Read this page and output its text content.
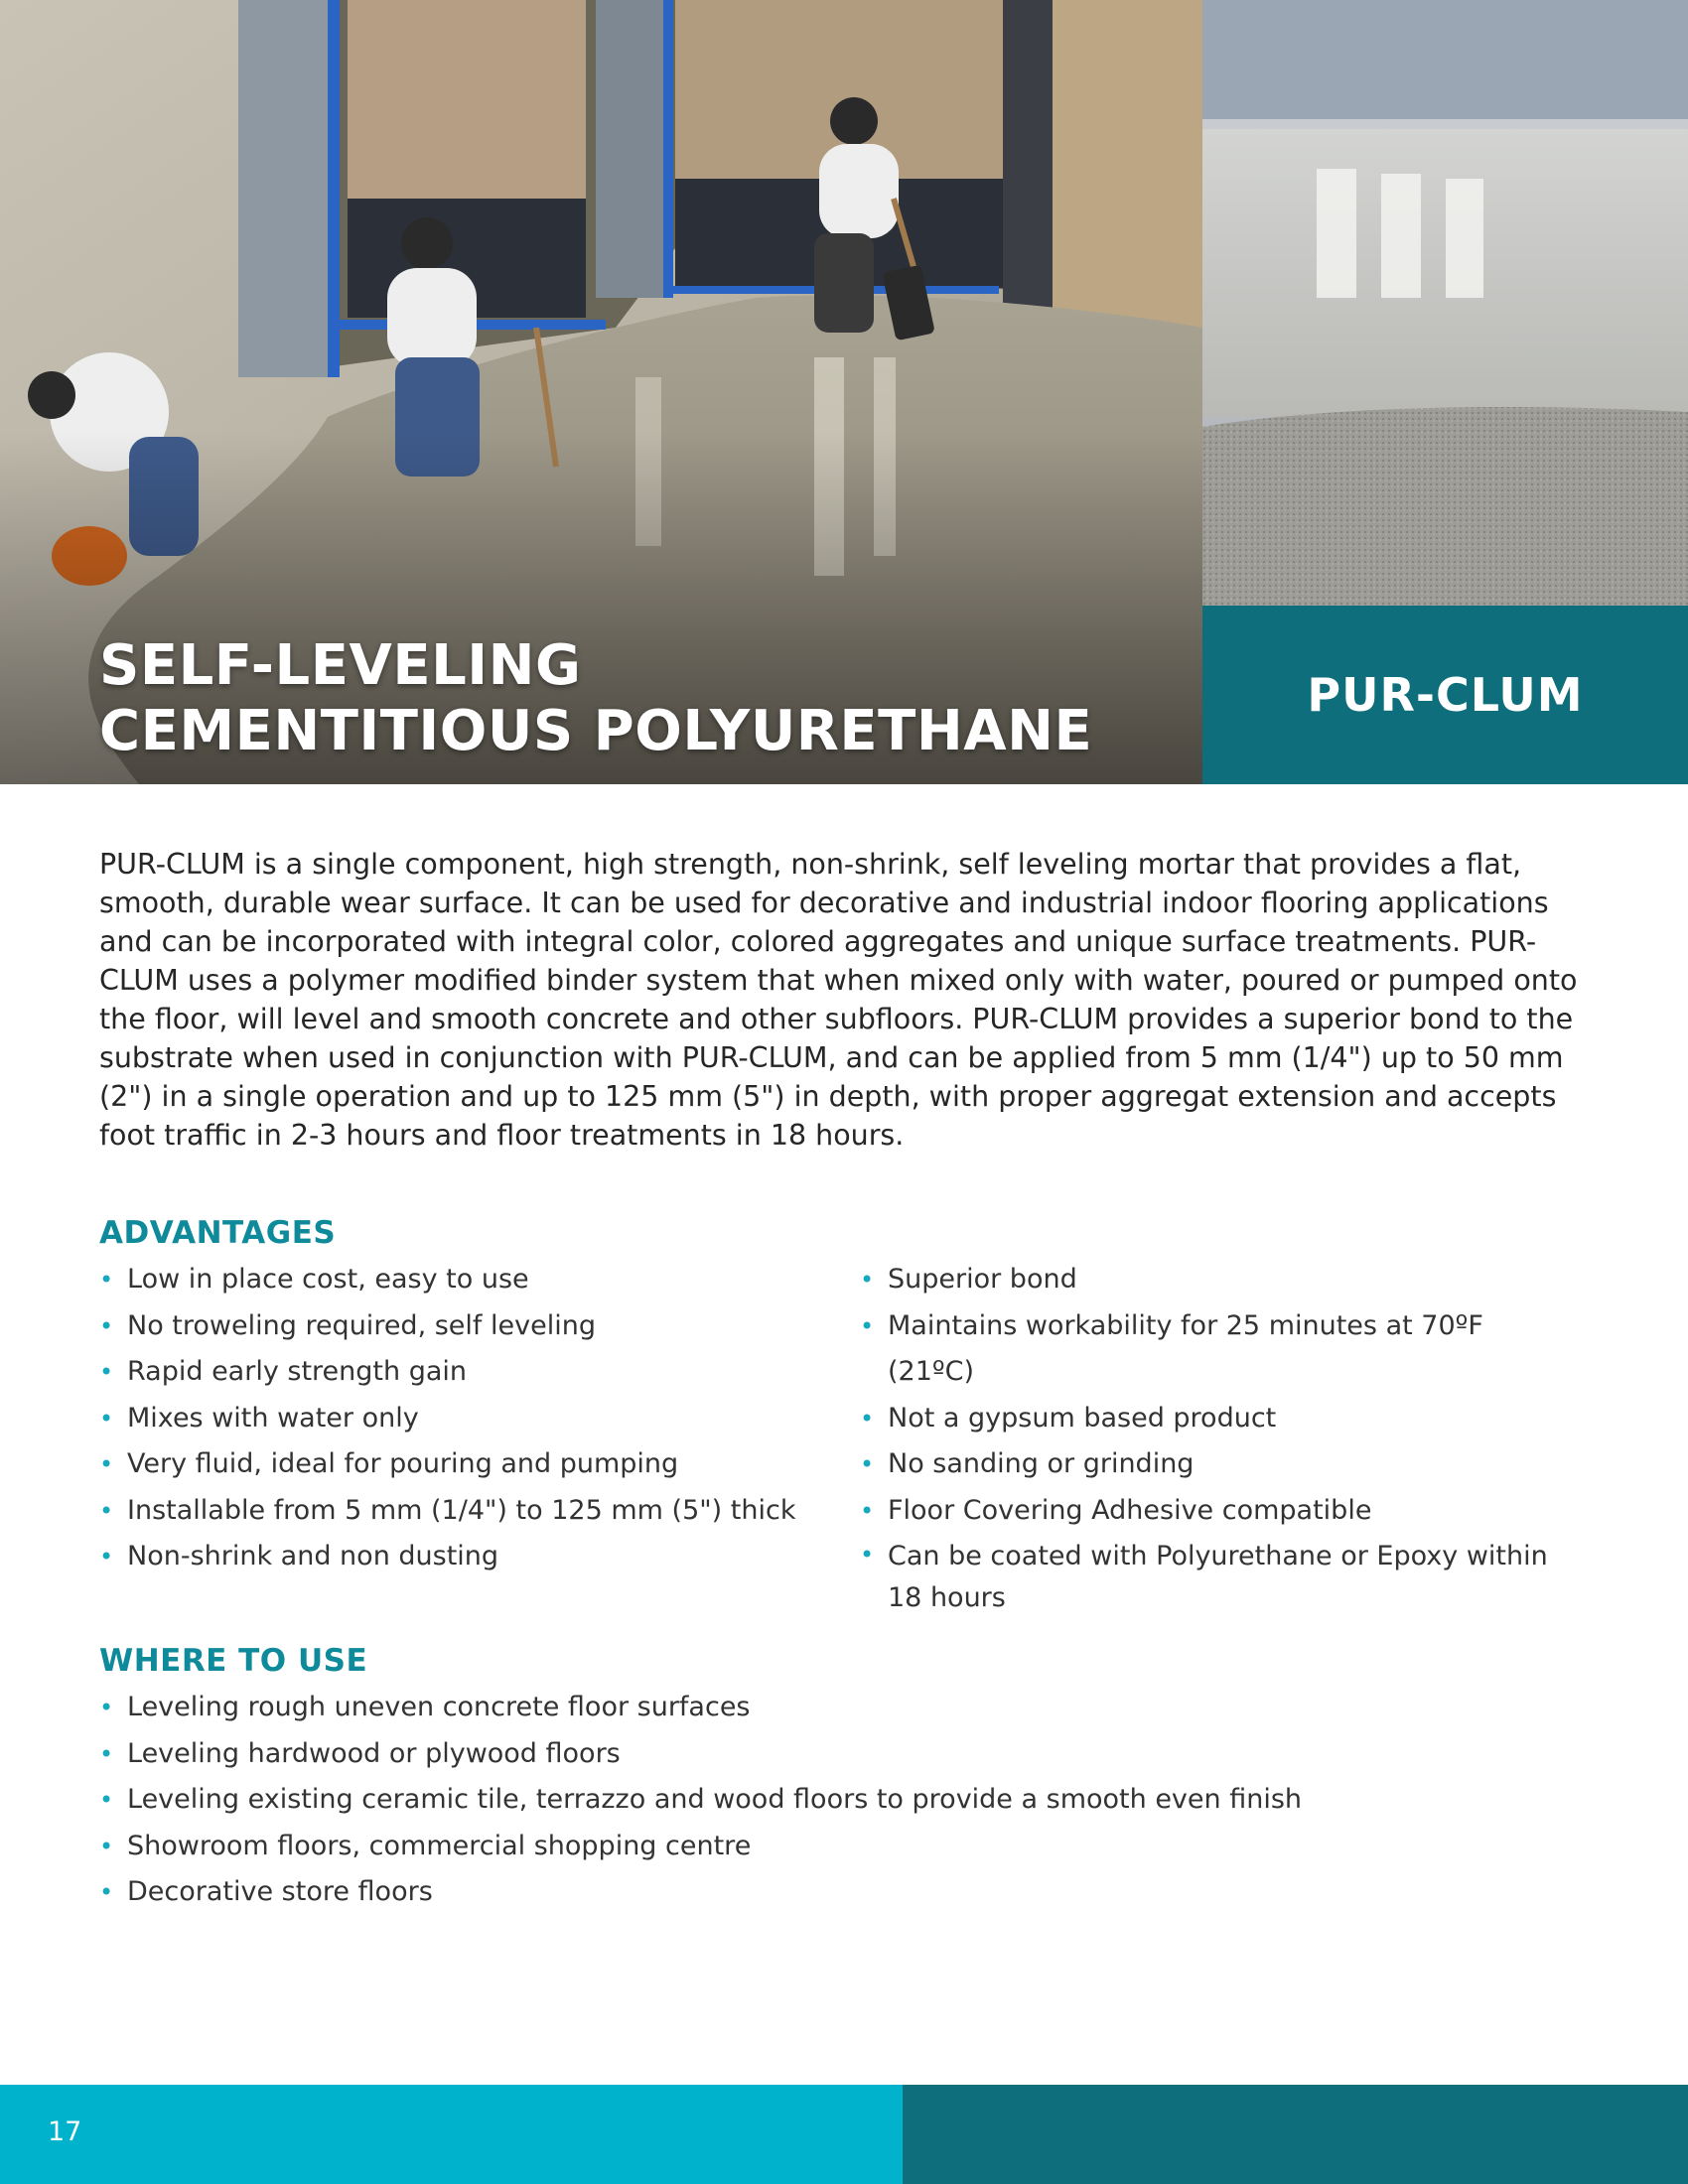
SELF-LEVELING
CEMENTITIOUS POLYURETHANE
PUR-CLUM

PUR-CLUM is a single component, high strength, non-shrink, self leveling mortar that provides a flat, smooth, durable wear surface. It can be used for decorative and industrial indoor flooring applications and can be incorporated with integral color, colored aggregates and unique surface treatments. PUR-CLUM uses a polymer modified binder system that when mixed only with water, poured or pumped onto the floor, will level and smooth concrete and other subfloors. PUR-CLUM provides a superior bond to the substrate when used in conjunction with PUR-CLUM, and can be applied from 5 mm (1/4") up to 50 mm (2") in a single operation and up to 125 mm (5") in depth, with proper aggregat extension and accepts foot traffic in 2-3 hours and floor treatments in 18 hours.

ADVANTAGES
• Low in place cost, easy to use
• No troweling required, self leveling
• Rapid early strength gain
• Mixes with water only
• Very fluid, ideal for pouring and pumping
• Installable from 5 mm (1/4") to 125 mm (5") thick
• Non-shrink and non dusting
• Superior bond
• Maintains workability for 25 minutes at 70ºF (21ºC)
• Not a gypsum based product
• No sanding or grinding
• Floor Covering Adhesive compatible
• Can be coated with Polyurethane or Epoxy within 18 hours
WHERE TO USE
• Leveling rough uneven concrete floor surfaces
• Leveling hardwood or plywood floors
• Leveling existing ceramic tile, terrazzo and wood floors to provide a smooth even finish
• Showroom floors, commercial shopping centre
• Decorative store floors
17
